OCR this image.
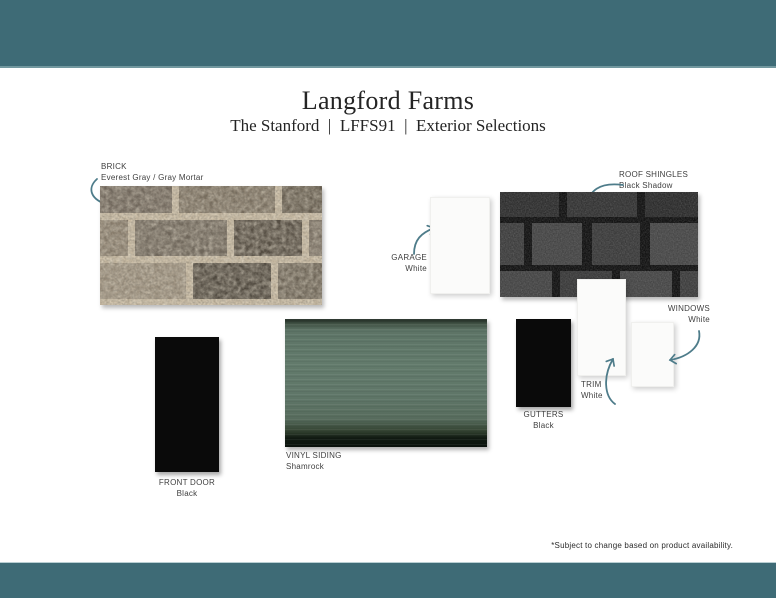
Langford Farms
The Stanford  |  LFFS91  |  Exterior Selections
BRICK
Everest Gray / Gray Mortar
GARAGE
White
ROOF SHINGLES
Black Shadow
TRIM
White
WINDOWS
White
GUTTERS
Black
VINYL SIDING
Shamrock
FRONT DOOR
Black
*Subject to change based on product availability.
